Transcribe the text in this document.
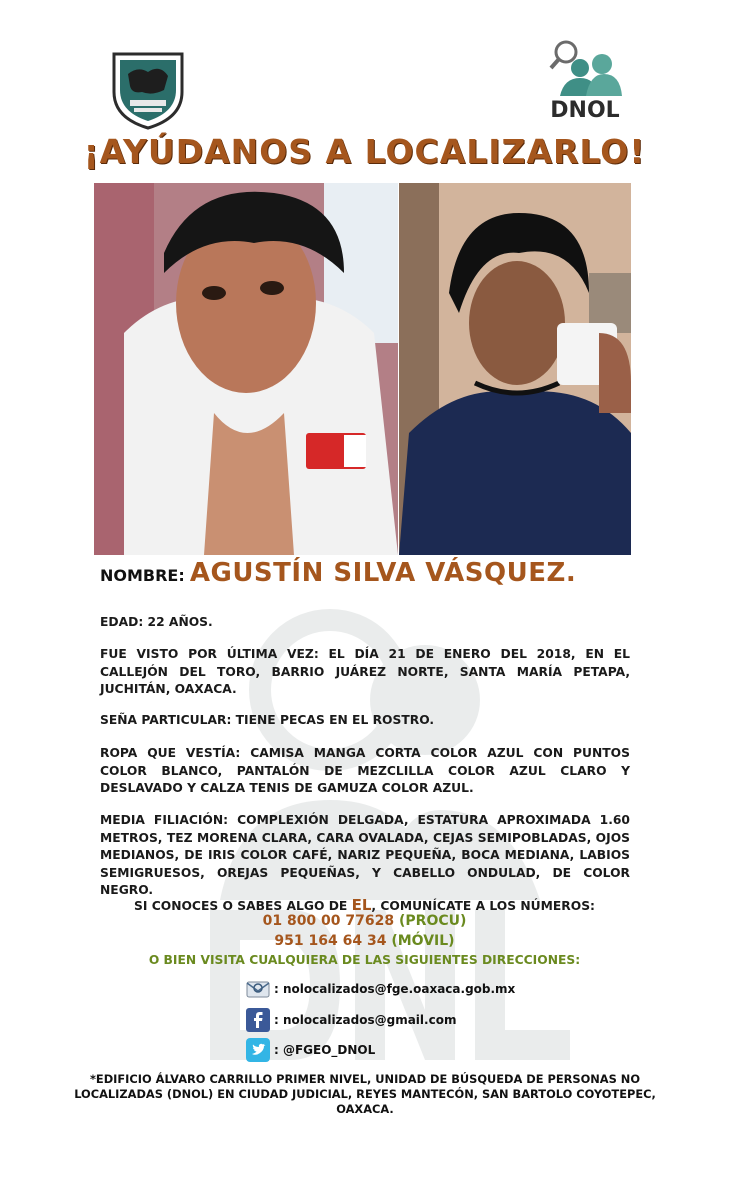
DNOL
¡AYÚDANOS A LOCALIZARLO!
NOMBRE: AGUSTÍN SILVA VÁSQUEZ.
EDAD: 22 AÑOS.
FUE VISTO POR ÚLTIMA VEZ: EL DÍA 21 DE ENERO DEL 2018, EN EL CALLEJÓN DEL TORO, BARRIO JUÁREZ NORTE, SANTA MARÍA PETAPA, JUCHITÁN, OAXACA.
SEÑA PARTICULAR: TIENE PECAS EN EL ROSTRO.
ROPA QUE VESTÍA: CAMISA MANGA CORTA COLOR AZUL CON PUNTOS COLOR BLANCO, PANTALÓN DE MEZCLILLA COLOR AZUL CLARO Y DESLAVADO Y CALZA TENIS DE GAMUZA COLOR AZUL.
MEDIA FILIACIÓN: COMPLEXIÓN DELGADA, ESTATURA APROXIMADA 1.60 METROS, TEZ MORENA CLARA, CARA OVALADA, CEJAS SEMIPOBLADAS, OJOS MEDIANOS, DE IRIS COLOR CAFÉ, NARIZ PEQUEÑA, BOCA MEDIANA, LABIOS SEMIGRUESOS, OREJAS PEQUEÑAS, Y CABELLO ONDULAD, DE COLOR NEGRO.
SI CONOCES O SABES ALGO DE EL, COMUNÍCATE A LOS NÚMEROS:
01 800 00 77628 (PROCU)
951 164 64 34 (MÓVIL)
O BIEN VISITA CUALQUIERA DE LAS SIGUIENTES DIRECCIONES:
: nolocalizados@fge.oaxaca.gob.mx
: nolocalizados@gmail.com
: @FGEO_DNOL
*EDIFICIO ÁLVARO CARRILLO PRIMER NIVEL, UNIDAD DE BÚSQUEDA DE PERSONAS NO LOCALIZADAS (DNOL) EN CIUDAD JUDICIAL, REYES MANTECÓN, SAN BARTOLO COYOTEPEC, OAXACA.
